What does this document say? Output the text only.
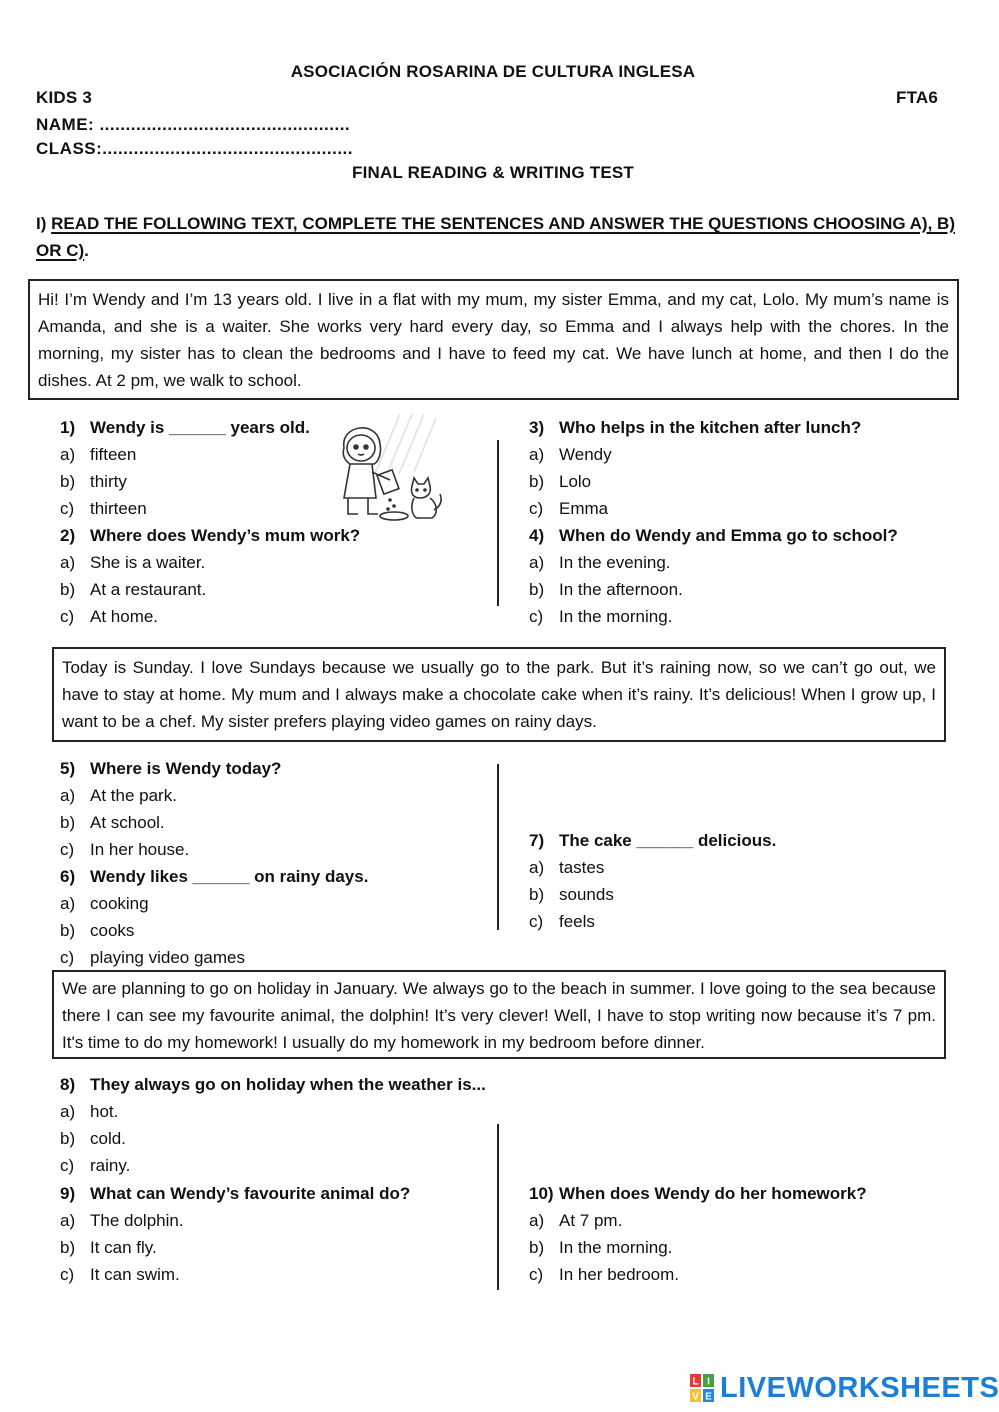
ASOCIACIÓN ROSARINA DE CULTURA INGLESA
KIDS 3	FTA6
NAME: ................................................
CLASS:................................................
FINAL READING & WRITING TEST
I) READ THE FOLLOWING TEXT, COMPLETE THE SENTENCES AND ANSWER THE QUESTIONS CHOOSING A), B) OR C).
Hi! I’m Wendy and I’m 13 years old. I live in a flat with my mum, my sister Emma, and my cat, Lolo. My mum’s name is Amanda, and she is a waiter. She works very hard every day, so Emma and I always help with the chores. In the morning, my sister has to clean the bedrooms and I have to feed my cat. We have lunch at home, and then I do the dishes. At 2 pm, we walk to school.
1) Wendy is ______ years old.
a) fifteen
b) thirty
c) thirteen
2) Where does Wendy’s mum work?
a) She is a waiter.
b) At a restaurant.
c) At home.
3) Who helps in the kitchen after lunch?
a) Wendy
b) Lolo
c) Emma
4) When do Wendy and Emma go to school?
a) In the evening.
b) In the afternoon.
c) In the morning.
Today is Sunday. I love Sundays because we usually go to the park. But it’s raining now, so we can’t go out, we have to stay at home. My mum and I always make a chocolate cake when it’s rainy. It’s delicious! When I grow up, I want to be a chef. My sister prefers playing video games on rainy days.
5) Where is Wendy today?
a) At the park.
b) At school.
c) In her house.
6) Wendy likes ______ on rainy days.
a) cooking
b) cooks
c) playing video games
7) The cake ______ delicious.
a) tastes
b) sounds
c) feels
We are planning to go on holiday in January. We always go to the beach in summer. I love going to the sea because there I can see my favourite animal, the dolphin! It’s very clever! Well, I have to stop writing now because it’s 7 pm. It's time to do my homework! I usually do my homework in my bedroom before dinner.
8) They always go on holiday when the weather is...
a) hot.
b) cold.
c) rainy.
9) What can Wendy’s favourite animal do?
a) The dolphin.
b) It can fly.
c) It can swim.
10) When does Wendy do her homework?
a) At 7 pm.
b) In the morning.
c) In her bedroom.
L I
V E LIVEWORKSHEETS
